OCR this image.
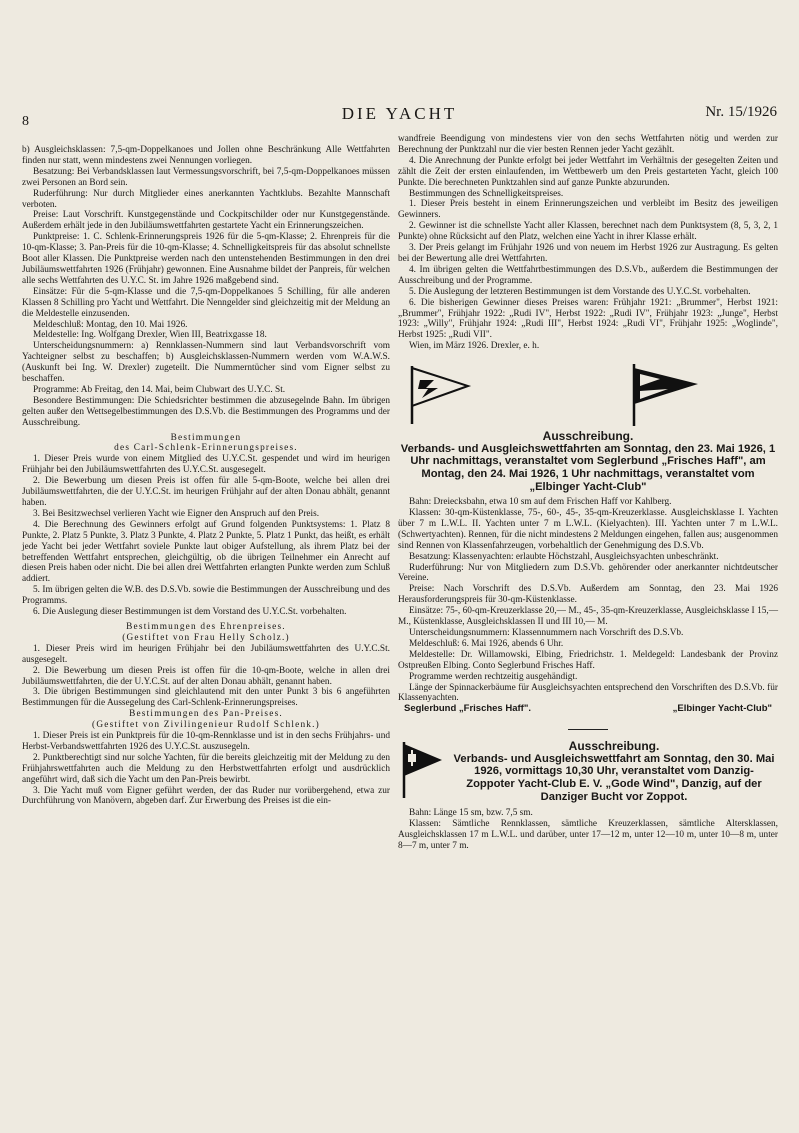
8	DIE YACHT	Nr. 15/1926

b) Ausgleichsklassen: 7,5-qm-Doppelkanoes und Jollen ohne Beschränkung Alle Wettfahrten finden nur statt, wenn mindestens zwei Nennungen vorliegen.

Besatzung: Bei Verbandsklassen laut Vermessungsvorschrift, bei 7,5-qm-Doppelkanoes müssen zwei Personen an Bord sein.

Ruderführung: Nur durch Mitglieder eines anerkannten Yachtklubs. Bezahlte Mannschaft verboten.

Preise: Laut Vorschrift. Kunstgegenstände und Cockpitschilder oder nur Kunstgegenstände. Außerdem erhält jede in den Jubiläumswettfahrten gestartete Yacht ein Erinnerungszeichen.

Punktpreise: 1. C. Schlenk-Erinnerungspreis 1926 für die 5-qm-Klasse; 2. Ehrenpreis für die 10-qm-Klasse; 3. Pan-Preis für die 10-qm-Klasse; 4. Schnelligkeitspreis für das absolut schnellste Boot aller Klassen. Die Punktpreise werden nach den untenstehenden Bestimmungen in den drei Jubiläumswettfahrten 1926 (Frühjahr) gewonnen. Eine Ausnahme bildet der Panpreis, für welchen alle sechs Wettfahrten des U.Y.C. St. im Jahre 1926 maßgebend sind.

Einsätze: Für die 5-qm-Klasse und die 7,5-qm-Doppelkanoes 5 Schilling, für alle anderen Klassen 8 Schilling pro Yacht und Wettfahrt. Die Nenngelder sind gleichzeitig mit der Meldung an die Meldestelle einzusenden.

Meldeschluß: Montag, den 10. Mai 1926.

Meldestelle: Ing. Wolfgang Drexler, Wien III, Beatrixgasse 18.

Unterscheidungsnummern: a) Rennklassen-Nummern sind laut Verbandsvorschrift vom Yachteigner selbst zu beschaffen; b) Ausgleichsklassen-Nummern werden vom W.A.W.S. (Auskunft bei Ing. W. Drexler) zugeteilt. Die Nummerntücher sind vom Eigner selbst zu beschaffen.

Programme: Ab Freitag, den 14. Mai, beim Clubwart des U.Y.C. St.

Besondere Bestimmungen: Die Schiedsrichter bestimmen die abzusegelnde Bahn. Im übrigen gelten außer den Wettsegelbestimmungen des D.S.Vb. die Bestimmungen des Programms und der Ausschreibung.

Bestimmungen

des Carl-Schlenk-Erinnerungspreises.

1. Dieser Preis wurde von einem Mitglied des U.Y.C.St. gespendet und wird im heurigen Frühjahr bei den Jubiläumswettfahrten des U.Y.C.St. ausgesegelt.

2. Die Bewerbung um diesen Preis ist offen für alle 5-qm-Boote, welche bei allen drei Jubiläumswettfahrten, die der U.Y.C.St. im heurigen Frühjahr auf der alten Donau abhält, genannt haben.

3. Bei Besitzwechsel verlieren Yacht wie Eigner den Anspruch auf den Preis.

4. Die Berechnung des Gewinners erfolgt auf Grund folgenden Punktsystems: 1. Platz 8 Punkte, 2. Platz 5 Punkte, 3. Platz 3 Punkte, 4. Platz 2 Punkte, 5. Platz 1 Punkt, das heißt, es erhält jede Yacht bei jeder Wettfahrt soviele Punkte laut obiger Aufstellung, als ihrem Platz bei der betreffenden Wettfahrt entsprechen, gleichgültig, ob die übrigen Teilnehmer ein Anrecht auf diesen Preis haben oder nicht. Die bei allen drei Wettfahrten erlangten Punkte werden zum Schluß addiert.

5. Im übrigen gelten die W.B. des D.S.Vb. sowie die Bestimmungen der Ausschreibung und des Programms.

6. Die Auslegung dieser Bestimmungen ist dem Vorstand des U.Y.C.St. vorbehalten.

Bestimmungen des Ehrenpreises.

(Gestiftet von Frau Helly Scholz.)

1. Dieser Preis wird im heurigen Frühjahr bei den Jubiläumswettfahrten des U.Y.C.St. ausgesegelt.

2. Die Bewerbung um diesen Preis ist offen für die 10-qm-Boote, welche in allen drei Jubiläumswettfahrten, die der U.Y.C.St. auf der alten Donau abhält, genannt haben.

3. Die übrigen Bestimmungen sind gleichlautend mit den unter Punkt 3 bis 6 angeführten Bestimmungen für die Aussegelung des Carl-Schlenk-Erinnerungspreises.

Bestimmungen des Pan-Preises.

(Gestiftet von Zivilingenieur Rudolf Schlenk.)

1. Dieser Preis ist ein Punktpreis für die 10-qm-Rennklasse und ist in den sechs Frühjahrs- und Herbst-Verbandswettfahrten 1926 des U.Y.C.St. auszusegeln.

2. Punktberechtigt sind nur solche Yachten, für die bereits gleichzeitig mit der Meldung zu den Frühjahrswettfahrten auch die Meldung zu den Herbstwettfahrten erfolgt und ausdrücklich angeführt wird, daß sich die Yacht um den Pan-Preis bewirbt.

3. Die Yacht muß vom Eigner geführt werden, der das Ruder nur vorübergehend, etwa zur Durchführung von Manövern, abgeben darf. Zur Erwerbung des Preises ist die ein-

wandfreie Beendigung von mindestens vier von den sechs Wettfahrten nötig und werden zur Berechnung der Punktzahl nur die vier besten Rennen jeder Yacht gezählt.

4. Die Anrechnung der Punkte erfolgt bei jeder Wettfahrt im Verhältnis der gesegelten Zeiten und zählt die Zeit der ersten einlaufenden, im Wettbewerb um den Preis gestarteten Yacht, gleich 100 Punkte. Die berechneten Punktzahlen sind auf ganze Punkte abzurunden.

Bestimmungen des Schnelligkeitspreises.

1. Dieser Preis besteht in einem Erinnerungszeichen und verbleibt im Besitz des jeweiligen Gewinners.

2. Gewinner ist die schnellste Yacht aller Klassen, berechnet nach dem Punktsystem (8, 5, 3, 2, 1 Punkte) ohne Rücksicht auf den Platz, welchen eine Yacht in ihrer Klasse erhält.

3. Der Preis gelangt im Frühjahr 1926 und von neuem im Herbst 1926 zur Austragung. Es gelten bei der Bewertung alle drei Wettfahrten.

4. Im übrigen gelten die Wettfahrtbestimmungen des D.S.Vb., außerdem die Bestimmungen der Ausschreibung und der Programme.

5. Die Auslegung der letzteren Bestimmungen ist dem Vorstande des U.Y.C.St. vorbehalten.

6. Die bisherigen Gewinner dieses Preises waren: Frühjahr 1921: „Brummer", Herbst 1921: „Brummer", Frühjahr 1922: „Rudi IV", Herbst 1922: „Rudi IV", Frühjahr 1923: „Junge", Herbst 1923: „Willy", Frühjahr 1924: „Rudi III", Herbst 1924: „Rudi VI", Frühjahr 1925: „Woglinde", Herbst 1925: „Rudi VII".

Wien, im März 1926. Drexler, e. h.

Ausschreibung.
Verbands- und Ausgleichswettfahrten am Sonntag, den 23. Mai 1926, 1 Uhr nachmittags, veranstaltet vom Seglerbund „Frisches Haff", am Montag, den 24. Mai 1926, 1 Uhr nachmittags, veranstaltet vom „Elbinger Yacht-Club"

Bahn: Dreiecksbahn, etwa 10 sm auf dem Frischen Haff vor Kahlberg.

Klassen: 30-qm-Küstenklasse, 75-, 60-, 45-, 35-qm-Kreuzerklasse. Ausgleichsklasse I. Yachten über 7 m L.W.L. II. Yachten unter 7 m L.W.L. (Kielyachten). III. Yachten unter 7 m L.W.L. (Schwertyachten). Rennen, für die nicht mindestens 2 Meldungen eingehen, fallen aus; ausgenommen sind Rennen von Klassenfahrzeugen, vorbehaltlich der Genehmigung des D.S.Vb.

Besatzung: Klassenyachten: erlaubte Höchstzahl, Ausgleichsyachten unbeschränkt.

Ruderführung: Nur von Mitgliedern zum D.S.Vb. gehörender oder anerkannter nichtdeutscher Vereine.

Preise: Nach Vorschrift des D.S.Vb. Außerdem am Sonntag, den 23. Mai 1926 Herausforderungspreis für 30-qm-Küstenklasse.

Einsätze: 75-, 60-qm-Kreuzerklasse 20,— M., 45-, 35-qm-Kreuzerklasse, Ausgleichsklasse I 15,— M., Küstenklasse, Ausgleichsklassen II und III 10,— M.

Unterscheidungsnummern: Klassennummern nach Vorschrift des D.S.Vb.

Meldeschluß: 6. Mai 1926, abends 6 Uhr.

Meldestelle: Dr. Willamowski, Elbing, Friedrichstr. 1. Meldegeld: Landesbank der Provinz Ostpreußen Elbing. Conto Seglerbund Frisches Haff.

Programme werden rechtzeitig ausgehändigt.

Länge der Spinnackerbäume für Ausgleichsyachten entsprechend den Vorschriften des D.S.Vb. für Klassenyachten.

Seglerbund „Frisches Haff".	„Elbinger Yacht-Club"
Ausschreibung.
Verbands- und Ausgleichswettfahrt am Sonntag, den 30. Mai 1926, vormittags 10,30 Uhr, veranstaltet vom Danzig-Zoppoter Yacht-Club E. V. „Gode Wind", Danzig, auf der Danziger Bucht vor Zoppot.

Bahn: Länge 15 sm, bzw. 7,5 sm.

Klassen: Sämtliche Rennklassen, sämtliche Kreuzerklassen, sämtliche Altersklassen, Ausgleichsklassen 17 m L.W.L. und darüber, unter 17—12 m, unter 12—10 m, unter 10—8 m, unter 8—7 m, unter 7 m.
